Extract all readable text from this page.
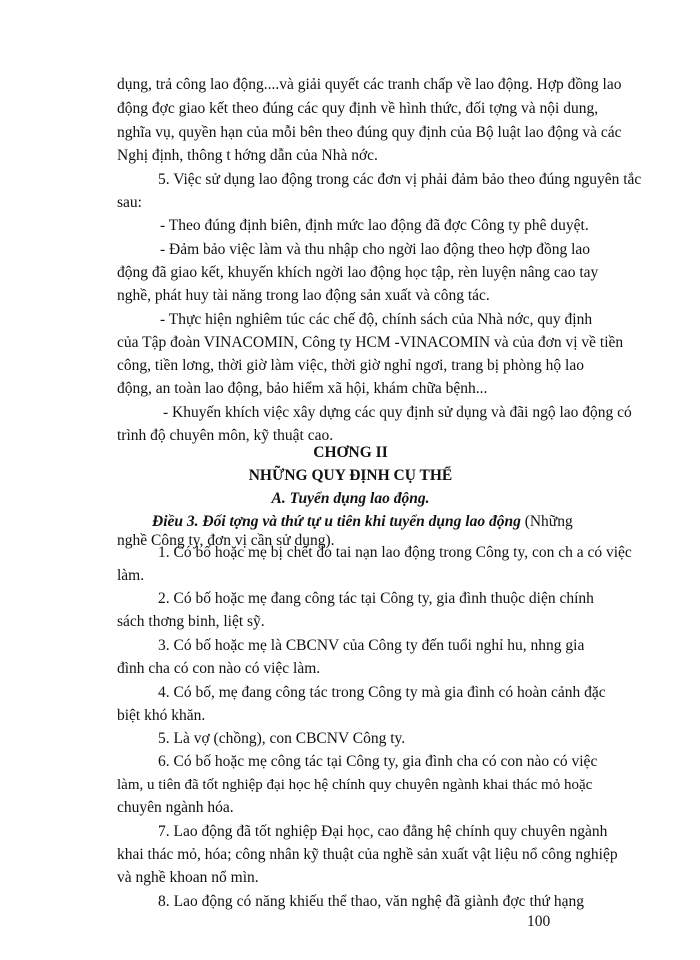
dụng, trả công lao động....và giải quyết các tranh chấp về lao động. Hợp đồng lao
động đợc giao kết theo đúng các quy định về hình thức, đối tợng và nội dung,
nghĩa vụ, quyền hạn của mỗi bên theo đúng quy định của Bộ luật lao động và các
Nghị định, thông t hớng dẫn của Nhà nớc.
5. Việc sử dụng lao động trong các đơn vị phải đảm bảo theo đúng nguyên tắc
sau:
- Theo đúng định biên, định mức lao động đã đợc Công ty phê duyệt.
- Đảm bảo việc làm và thu nhập cho ngời lao động theo hợp đồng lao
động đã giao kết, khuyến khích ngời lao động học tập, rèn luyện nâng cao tay
nghề, phát huy tài năng trong lao động sản xuất và công tác.
- Thực hiện nghiêm túc các chế độ, chính sách của Nhà nớc, quy định
của Tập đoàn VINACOMIN, Công ty HCM -VINACOMIN và của đơn vị về tiền
công, tiền lơng, thời giờ làm việc, thời giờ nghỉ ngơi, trang bị phòng hộ lao
động, an toàn lao động, bảo hiểm xã hội, khám chữa bệnh...
- Khuyến khích việc xây dựng các quy định sử dụng và đãi ngộ lao động có
trình độ chuyên môn, kỹ thuật cao.
CHƠNG II
NHỮNG QUY ĐỊNH CỤ THỂ
A. Tuyển dụng lao động.
Điều 3. Đối tợng và thứ tự u tiên khi tuyển dụng lao động (Những
nghề Công ty, đơn vị cần sử dụng).
1. Có bố hoặc mẹ bị chết do tai nạn lao động trong Công ty, con ch a có việc
làm.
2. Có bố hoặc mẹ đang công tác tại Công ty, gia đình thuộc diện chính
sách thơng binh, liệt sỹ.
3. Có bố hoặc mẹ là CBCNV của Công ty đến tuổi nghỉ hu, nhng gia
đình cha có con nào có việc làm.
4. Có bố, mẹ đang công tác trong Công ty mà gia đình có hoàn cảnh đặc
biệt khó khăn.
5. Là vợ (chồng), con CBCNV Công ty.
6. Có bố hoặc mẹ công tác tại Công ty, gia đình cha có con nào có việc
làm, u tiên đã tốt nghiệp đại học hệ chính quy chuyên ngành khai thác mỏ hoặc
chuyên ngành hóa.
100
7. Lao động đã tốt nghiệp Đại học, cao đẳng hệ chính quy chuyên ngành
khai thác mỏ, hóa; công nhân kỹ thuật của nghề sản xuất vật liệu nổ công nghiệp
và nghề khoan nổ mìn.
8. Lao động có năng khiếu thể thao, văn nghệ đã giành đợc thứ hạng
